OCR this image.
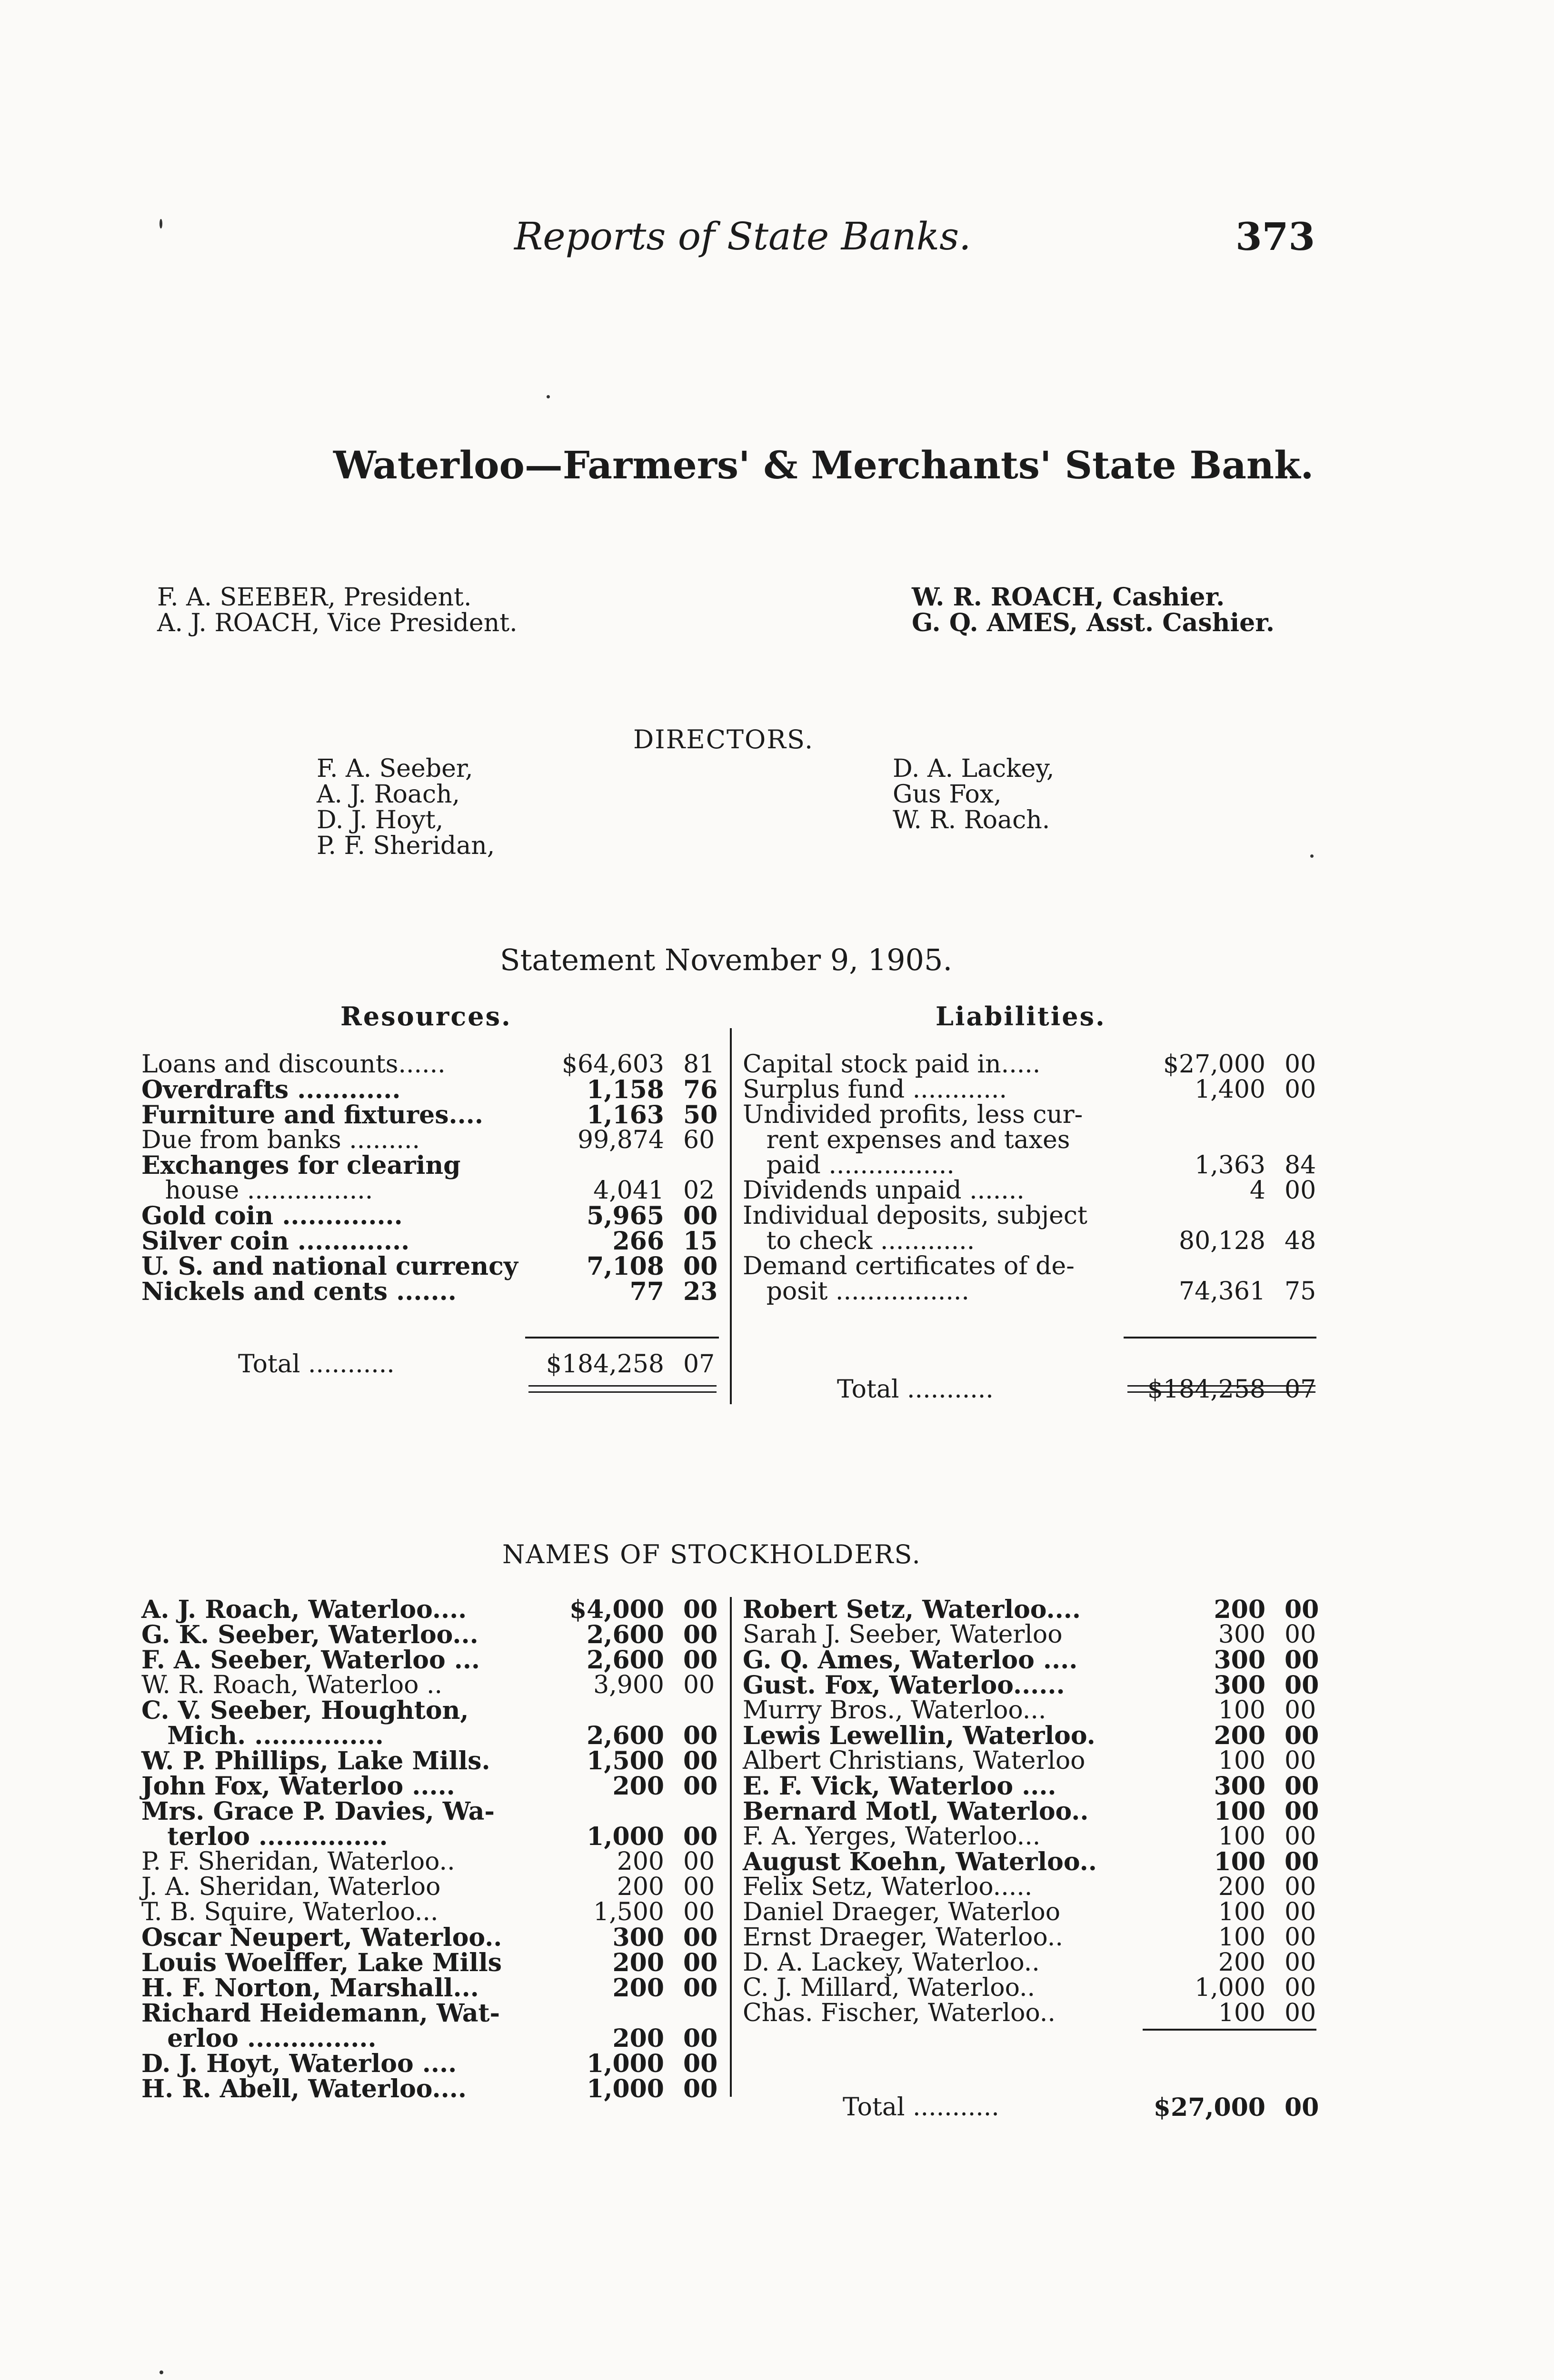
Reports of State Banks.	373
Waterloo—Farmers' & Merchants' State Bank.
F. A. SEEBER, President.
A. J. ROACH, Vice President.
W. R. ROACH, Cashier.
G. Q. AMES, Asst. Cashier.
DIRECTORS.
F. A. Seeber,
A. J. Roach,
D. J. Hoyt,
P. F. Sheridan,
D. A. Lackey,
Gus Fox,
W. R. Roach.
Statement November 9, 1905.
Resources.	Liabilities.
Loans and discounts......	$64,603 81
Overdrafts ............	1,158 76
Furniture and fixtures....	1,163 50
Due from banks .........	99,874 60
Exchanges for clearing
house ................	4,041 02
Gold coin ..............	5,965 00
Silver coin .............	266 15
U. S. and national currency	7,108 00
Nickels and cents .......	77 23
Capital stock paid in.....	$27,000 00
Surplus fund ............	1,400 00
Undivided profits, less cur-
rent expenses and taxes
paid ................	1,363 84
Dividends unpaid .......	4 00
Individual deposits, subject
to check ............	80,128 48
Demand certificates of de-
posit .................	74,361 75
Total ...........	$184,258 07
Total ...........	$184,258 07
NAMES OF STOCKHOLDERS.
A. J. Roach, Waterloo....	$4,000 00
G. K. Seeber, Waterloo...	2,600 00
F. A. Seeber, Waterloo ...	2,600 00
W. R. Roach, Waterloo ..	3,900 00
C. V. Seeber, Houghton,
Mich. ...............	2,600 00
W. P. Phillips, Lake Mills.	1,500 00
John Fox, Waterloo .....	200 00
Mrs. Grace P. Davies, Wa-
terloo ...............	1,000 00
P. F. Sheridan, Waterloo..	200 00
J. A. Sheridan, Waterloo	200 00
T. B. Squire, Waterloo...	1,500 00
Oscar Neupert, Waterloo..	300 00
Louis Woelffer, Lake Mills	200 00
H. F. Norton, Marshall...	200 00
Richard Heidemann, Wat-
erloo ...............	200 00
D. J. Hoyt, Waterloo ....	1,000 00
H. R. Abell, Waterloo....	1,000 00
Robert Setz, Waterloo....	200 00
Sarah J. Seeber, Waterloo	300 00
G. Q. Ames, Waterloo ....	300 00
Gust. Fox, Waterloo......	300 00
Murry Bros., Waterloo...	100 00
Lewis Lewellin, Waterloo.	200 00
Albert Christians, Waterloo	100 00
E. F. Vick, Waterloo ....	300 00
Bernard Motl, Waterloo..	100 00
F. A. Yerges, Waterloo...	100 00
August Koehn, Waterloo..	100 00
Felix Setz, Waterloo.....	200 00
Daniel Draeger, Waterloo	100 00
Ernst Draeger, Waterloo..	100 00
D. A. Lackey, Waterloo..	200 00
C. J. Millard, Waterloo..	1,000 00
Chas. Fischer, Waterloo..	100 00
Total ...........	$27,000 00
